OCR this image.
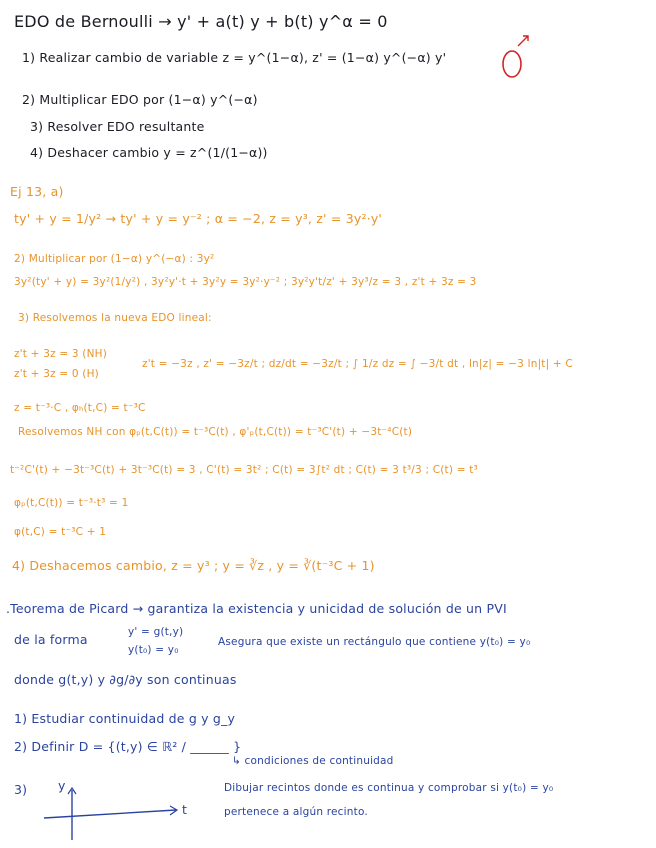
EDO de Bernoulli → y' + a(t) y + b(t) y^α = 0
1) Realizar cambio de variable z = y^(1−α), z' = (1−α) y^(−α) y'
2) Multiplicar EDO por (1−α) y^(−α)
3) Resolver EDO resultante
4) Deshacer cambio y = z^(1/(1−α))
Ej 13, a)
ty' + y = 1/y² → ty' + y = y⁻² ; α = −2, z = y³, z' = 3y²·y'
2) Multiplicar por (1−α) y^(−α) : 3y²
3y²(ty' + y) = 3y²(1/y²) , 3y²y'·t + 3y²y = 3y²·y⁻² ; 3y²y't/z' + 3y³/z = 3 , z't + 3z = 3
3) Resolvemos la nueva EDO lineal:
z't + 3z = 3 (NH)
z't + 3z = 0 (H)
z't = −3z , z' = −3z/t ; dz/dt = −3z/t ; ∫ 1/z dz = ∫ −3/t dt , ln|z| = −3 ln|t| + C
z = t⁻³·C , φₕ(t,C) = t⁻³C
Resolvemos NH con φₚ(t,C(t)) = t⁻³C(t) , φ'ₚ(t,C(t)) = t⁻³C'(t) + −3t⁻⁴C(t)
t⁻²C'(t) + −3t⁻³C(t) + 3t⁻³C(t) = 3 , C'(t) = 3t² ; C(t) = 3∫t² dt ; C(t) = 3 t³/3 ; C(t) = t³
φₚ(t,C(t)) = t⁻³·t³ = 1
φ(t,C) = t⁻³C + 1
4) Deshacemos cambio, z = y³ ; y = ∛z , y = ∛(t⁻³C + 1)
.Teorema de Picard → garantiza la existencia y unicidad de solución de un PVI
de la forma	y' = g(t,y)
y(t₀) = y₀
Asegura que existe un rectángulo que contiene y(t₀) = y₀
donde g(t,y) y ∂g/∂y son continuas
1) Estudiar continuidad de g y g_y
2) Definir D = {(t,y) ∈ ℝ² / ______ }
↳ condiciones de continuidad
3) y
t
Dibujar recintos donde es continua y comprobar si y(t₀) = y₀
pertenece a algún recinto.
